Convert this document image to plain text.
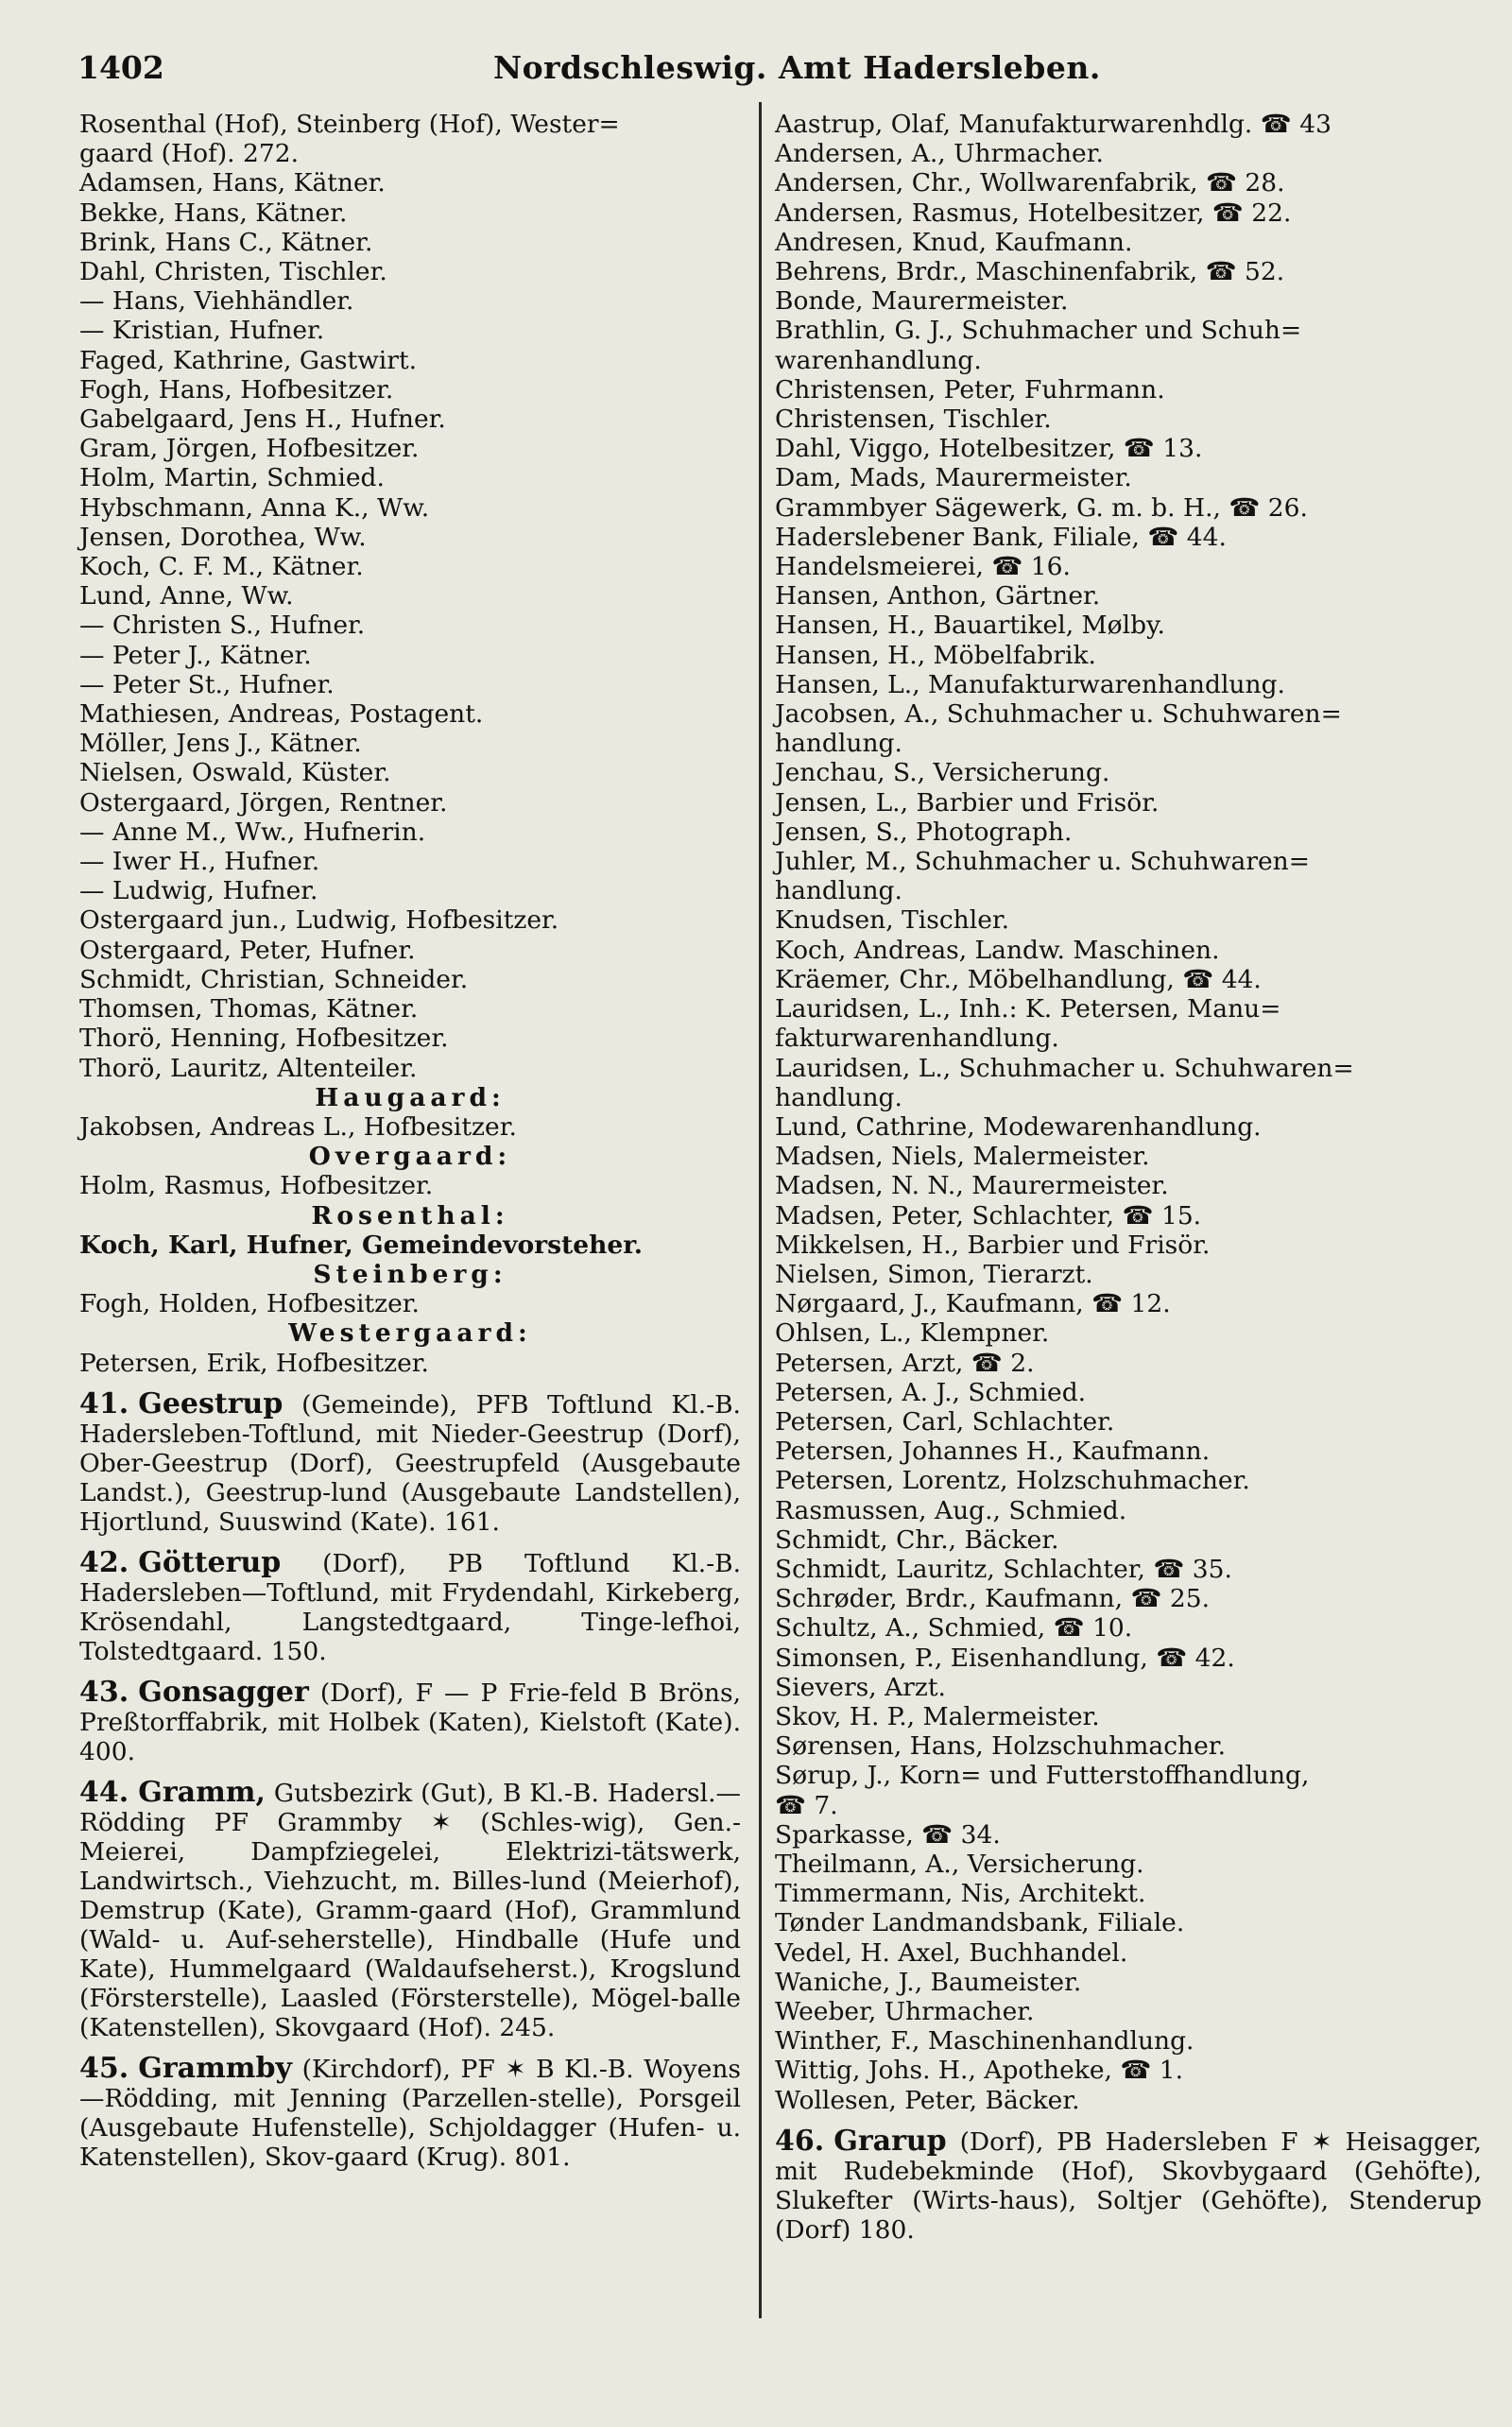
1402	Nordschleswig. Amt Hadersleben.
Rosenthal (Hof), Steinberg (Hof), Wester=
gaard (Hof). 272.
Adamsen, Hans, Kätner.
Bekke, Hans, Kätner.
Brink, Hans C., Kätner.
Dahl, Christen, Tischler.
— Hans, Viehhändler.
— Kristian, Hufner.
Faged, Kathrine, Gastwirt.
Fogh, Hans, Hofbesitzer.
Gabelgaard, Jens H., Hufner.
Gram, Jörgen, Hofbesitzer.
Holm, Martin, Schmied.
Hybschmann, Anna K., Ww.
Jensen, Dorothea, Ww.
Koch, C. F. M., Kätner.
Lund, Anne, Ww.
— Christen S., Hufner.
— Peter J., Kätner.
— Peter St., Hufner.
Mathiesen, Andreas, Postagent.
Möller, Jens J., Kätner.
Nielsen, Oswald, Küster.
Ostergaard, Jörgen, Rentner.
— Anne M., Ww., Hufnerin.
— Iwer H., Hufner.
— Ludwig, Hufner.
Ostergaard jun., Ludwig, Hofbesitzer.
Ostergaard, Peter, Hufner.
Schmidt, Christian, Schneider.
Thomsen, Thomas, Kätner.
Thorö, Henning, Hofbesitzer.
Thorö, Lauritz, Altenteiler.
Haugaard:
Jakobsen, Andreas L., Hofbesitzer.
Overgaard:
Holm, Rasmus, Hofbesitzer.
Rosenthal:
Koch, Karl, Hufner, Gemeindevorsteher.
Steinberg:
Fogh, Holden, Hofbesitzer.
Westergaard:
Petersen, Erik, Hofbesitzer.
41. Geestrup (Gemeinde), PFB Toftlund Kl.-B. Hadersleben-Toftlund, mit Nieder-Geestrup (Dorf), Ober-Geestrup (Dorf), Geestrupfeld (Ausgebaute Landst.), Geestrup-lund (Ausgebaute Landstellen), Hjortlund, Suuswind (Kate). 161.
42. Götterup (Dorf), PB Toftlund Kl.-B. Hadersleben—Toftlund, mit Frydendahl, Kirkeberg, Krösendahl, Langstedtgaard, Tinge-lefhoi, Tolstedtgaard. 150.
43. Gonsagger (Dorf), F — P Frie-feld B Bröns, Preßtorffabrik, mit Holbek (Katen), Kielstoft (Kate). 400.
44. Gramm, Gutsbezirk (Gut), B Kl.-B. Hadersl.—Rödding PF Grammby ✶ (Schles-wig), Gen.-Meierei, Dampfziegelei, Elektrizi-tätswerk, Landwirtsch., Viehzucht, m. Billes-lund (Meierhof), Demstrup (Kate), Gramm-gaard (Hof), Grammlund (Wald- u. Auf-seherstelle), Hindballe (Hufe und Kate), Hummelgaard (Waldaufseherst.), Krogslund (Försterstelle), Laasled (Försterstelle), Mögel-balle (Katenstellen), Skovgaard (Hof). 245.
45. Grammby (Kirchdorf), PF ✶ B Kl.-B. Woyens—Rödding, mit Jenning (Parzellen-stelle), Porsgeil (Ausgebaute Hufenstelle), Schjoldagger (Hufen- u. Katenstellen), Skov-gaard (Krug). 801.
Aastrup, Olaf, Manufakturwarenhdlg. ☎ 43
Andersen, A., Uhrmacher.
Andersen, Chr., Wollwarenfabrik, ☎ 28.
Andersen, Rasmus, Hotelbesitzer, ☎ 22.
Andresen, Knud, Kaufmann.
Behrens, Brdr., Maschinenfabrik, ☎ 52.
Bonde, Maurermeister.
Brathlin, G. J., Schuhmacher und Schuh=
warenhandlung.
Christensen, Peter, Fuhrmann.
Christensen, Tischler.
Dahl, Viggo, Hotelbesitzer, ☎ 13.
Dam, Mads, Maurermeister.
Grammbyer Sägewerk, G. m. b. H., ☎ 26.
Haderslebener Bank, Filiale, ☎ 44.
Handelsmeierei, ☎ 16.
Hansen, Anthon, Gärtner.
Hansen, H., Bauartikel, Mølby.
Hansen, H., Möbelfabrik.
Hansen, L., Manufakturwarenhandlung.
Jacobsen, A., Schuhmacher u. Schuhwaren=
handlung.
Jenchau, S., Versicherung.
Jensen, L., Barbier und Frisör.
Jensen, S., Photograph.
Juhler, M., Schuhmacher u. Schuhwaren=
handlung.
Knudsen, Tischler.
Koch, Andreas, Landw. Maschinen.
Kräemer, Chr., Möbelhandlung, ☎ 44.
Lauridsen, L., Inh.: K. Petersen, Manu=
fakturwarenhandlung.
Lauridsen, L., Schuhmacher u. Schuhwaren=
handlung.
Lund, Cathrine, Modewarenhandlung.
Madsen, Niels, Malermeister.
Madsen, N. N., Maurermeister.
Madsen, Peter, Schlachter, ☎ 15.
Mikkelsen, H., Barbier und Frisör.
Nielsen, Simon, Tierarzt.
Nørgaard, J., Kaufmann, ☎ 12.
Ohlsen, L., Klempner.
Petersen, Arzt, ☎ 2.
Petersen, A. J., Schmied.
Petersen, Carl, Schlachter.
Petersen, Johannes H., Kaufmann.
Petersen, Lorentz, Holzschuhmacher.
Rasmussen, Aug., Schmied.
Schmidt, Chr., Bäcker.
Schmidt, Lauritz, Schlachter, ☎ 35.
Schrøder, Brdr., Kaufmann, ☎ 25.
Schultz, A., Schmied, ☎ 10.
Simonsen, P., Eisenhandlung, ☎ 42.
Sievers, Arzt.
Skov, H. P., Malermeister.
Sørensen, Hans, Holzschuhmacher.
Sørup, J., Korn= und Futterstoffhandlung,
☎ 7.
Sparkasse, ☎ 34.
Theilmann, A., Versicherung.
Timmermann, Nis, Architekt.
Tønder Landmandsbank, Filiale.
Vedel, H. Axel, Buchhandel.
Waniche, J., Baumeister.
Weeber, Uhrmacher.
Winther, F., Maschinenhandlung.
Wittig, Johs. H., Apotheke, ☎ 1.
Wollesen, Peter, Bäcker.
46. Grarup (Dorf), PB Hadersleben F ✶ Heisagger, mit Rudebekminde (Hof), Skovbygaard (Gehöfte), Slukefter (Wirts-haus), Soltjer (Gehöfte), Stenderup (Dorf) 180.
